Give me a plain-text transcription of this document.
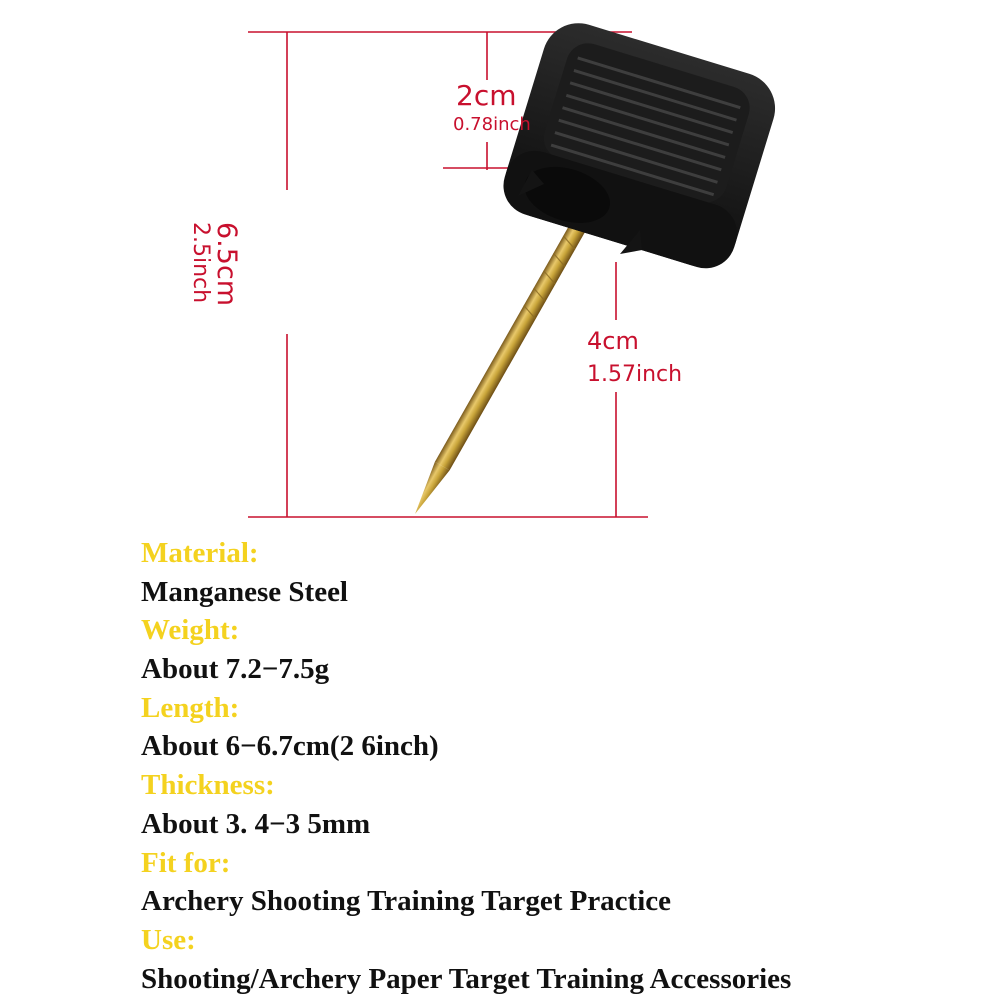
2cm
0.78inch
6.5cm
2.5inch
4cm
1.57inch
Material:
Manganese Steel
Weight:
About 7.2−7.5g
Length:
About 6−6.7cm(2 6inch)
Thickness:
About 3. 4−3 5mm
Fit for:
Archery Shooting Training Target Practice
Use:
Shooting/Archery Paper Target Training Accessories
